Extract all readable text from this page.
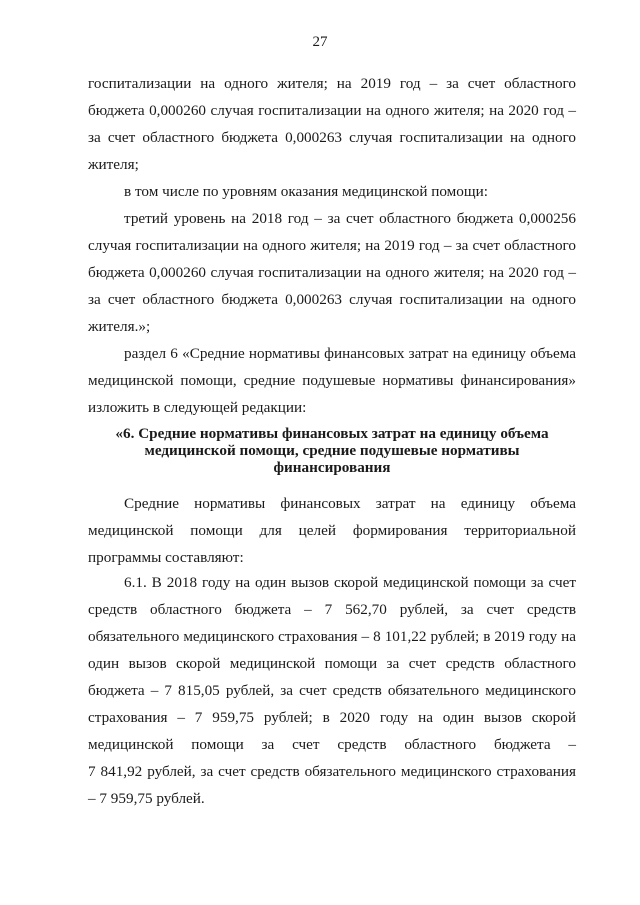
27
госпитализации на одного жителя; на 2019 год – за счет областного
бюджета 0,000260 случая госпитализации на одного жителя; на 2020 год –
за счет областного бюджета 0,000263 случая госпитализации на одного
жителя;
в том числе по уровням оказания медицинской помощи:
третий уровень на 2018 год – за счет областного бюджета 0,000256
случая госпитализации на одного жителя; на 2019 год – за счет областного
бюджета 0,000260 случая госпитализации на одного жителя; на 2020 год –
за счет областного бюджета 0,000263 случая госпитализации на одного
жителя.»;
раздел 6 «Средние нормативы финансовых затрат на единицу объема
медицинской помощи, средние подушевые нормативы финансирования»
изложить в следующей редакции:
«6. Средние нормативы финансовых затрат на единицу объема
медицинской помощи, средние подушевые нормативы
финансирования
Средние нормативы финансовых затрат на единицу объема
медицинской помощи для целей формирования территориальной
программы составляют:
6.1. В 2018 году на один вызов скорой медицинской помощи за счет
средств областного бюджета – 7 562,70 рублей, за счет средств
обязательного медицинского страхования – 8 101,22 рублей; в 2019 году на
один вызов скорой медицинской помощи за счет средств областного
бюджета – 7 815,05 рублей, за счет средств обязательного медицинского
страхования – 7 959,75 рублей; в 2020 году на один вызов скорой
медицинской помощи за счет средств областного бюджета –
7 841,92 рублей, за счет средств обязательного медицинского страхования
– 7 959,75 рублей.
